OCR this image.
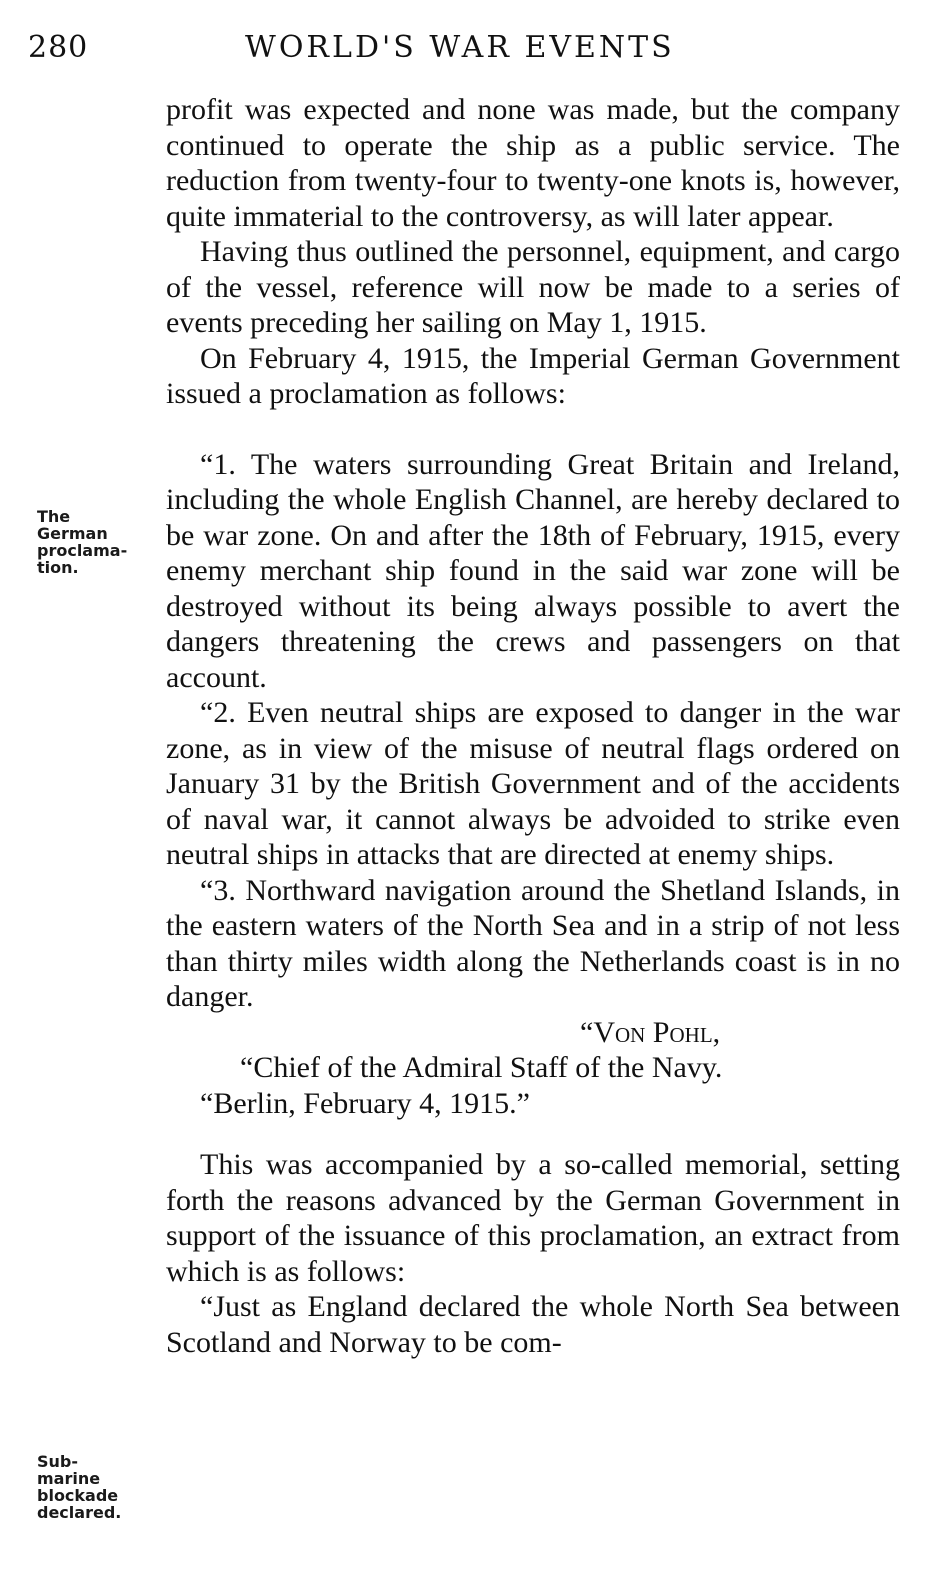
280	WORLD'S WAR EVENTS
The
German
proclama-
tion.
Sub-
marine
blockade
declared.

profit was expected and none was made, but the company continued to operate the ship as a public service. The reduction from twenty-four to twenty-one knots is, however, quite immaterial to the controversy, as will later appear.

Having thus outlined the personnel, equipment, and cargo of the vessel, reference will now be made to a series of events preceding her sailing on May 1, 1915.

On February 4, 1915, the Imperial German Government issued a proclamation as follows:

“1. The waters surrounding Great Britain and Ireland, including the whole English Channel, are hereby declared to be war zone. On and after the 18th of February, 1915, every enemy merchant ship found in the said war zone will be destroyed without its being always possible to avert the dangers threatening the crews and passengers on that account.

“2. Even neutral ships are exposed to danger in the war zone, as in view of the misuse of neutral flags ordered on January 31 by the British Government and of the accidents of naval war, it cannot always be advoided to strike even neutral ships in attacks that are directed at enemy ships.

“3. Northward navigation around the Shetland Islands, in the eastern waters of the North Sea and in a strip of not less than thirty miles width along the Netherlands coast is in no danger.

“Von Pohl,

“Chief of the Admiral Staff of the Navy.

“Berlin, February 4, 1915.”

This was accompanied by a so-called memorial, setting forth the reasons advanced by the German Government in support of the issuance of this proclamation, an extract from which is as follows:

“Just as England declared the whole North Sea between Scotland and Norway to be com-
